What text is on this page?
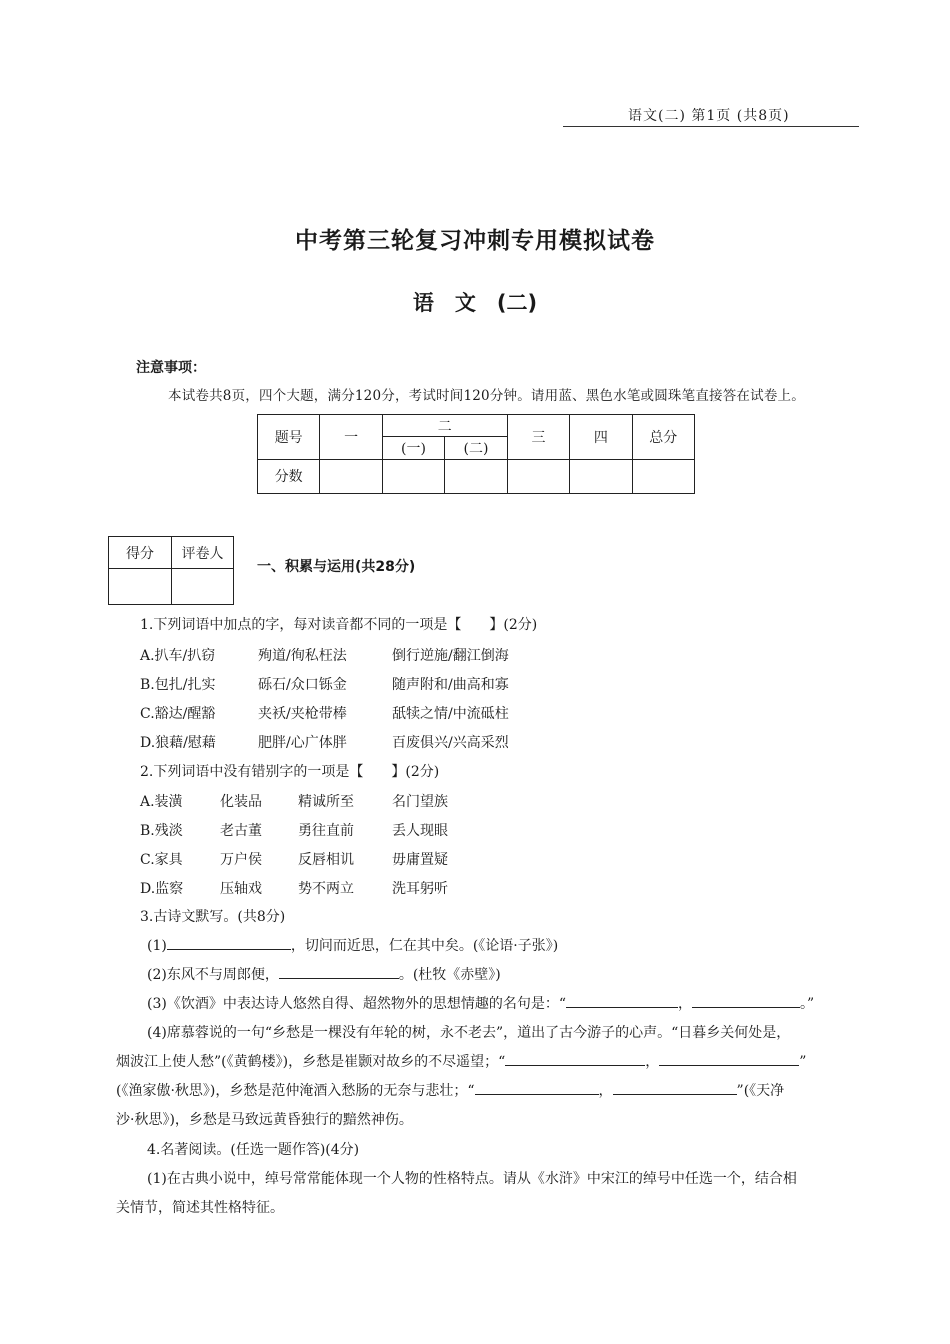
语文(二) 第1页 (共8页)
中考第三轮复习冲刺专用模拟试卷
语　文　(二)
注意事项：
本试卷共8页，四个大题，满分120分，考试时间120分钟。请用蓝、黑色水笔或圆珠笔直接答在试卷上。
题号	一	二		三	四	总分
		(一)	(二)			
分数						
得分	评卷人

一、积累与运用(共28分)
1.下列词语中加点的字，每对读音都不同的一项是【　　】(2分)
A.扒车/扒窃	殉道/徇私枉法	倒行逆施/翻江倒海
B.包扎/扎实	砾石/众口铄金	随声附和/曲高和寡
C.豁达/醒豁	夹袄/夹枪带棒	舐犊之情/中流砥柱
D.狼藉/慰藉	肥胖/心广体胖	百废俱兴/兴高采烈
2.下列词语中没有错别字的一项是【　　】(2分)
A.装潢	化装品	精诚所至	名门望族
B.残淡	老古董	勇往直前	丢人现眼
C.家具	万户侯	反唇相讥	毋庸置疑
D.监察	压轴戏	势不两立	洗耳躬听
3.古诗文默写。(共8分)
(1)	，切问而近思，仁在其中矣。(《论语·子张》)
(2)东风不与周郎便，	。(杜牧《赤壁》)
(3)《饮酒》中表达诗人悠然自得、超然物外的思想情趣的名句是：“	，	。”
(4)席慕蓉说的一句“乡愁是一棵没有年轮的树，永不老去”，道出了古今游子的心声。“日暮乡关何处是，
烟波江上使人愁”(《黄鹤楼》)，乡愁是崔颢对故乡的不尽遥望；“	，	”
(《渔家傲·秋思》)，乡愁是范仲淹酒入愁肠的无奈与悲壮；“	，	”(《天净
沙·秋思》)，乡愁是马致远黄昏独行的黯然神伤。
4.名著阅读。(任选一题作答)(4分)
(1)在古典小说中，绰号常常能体现一个人物的性格特点。请从《水浒》中宋江的绰号中任选一个，结合相
关情节，简述其性格特征。
